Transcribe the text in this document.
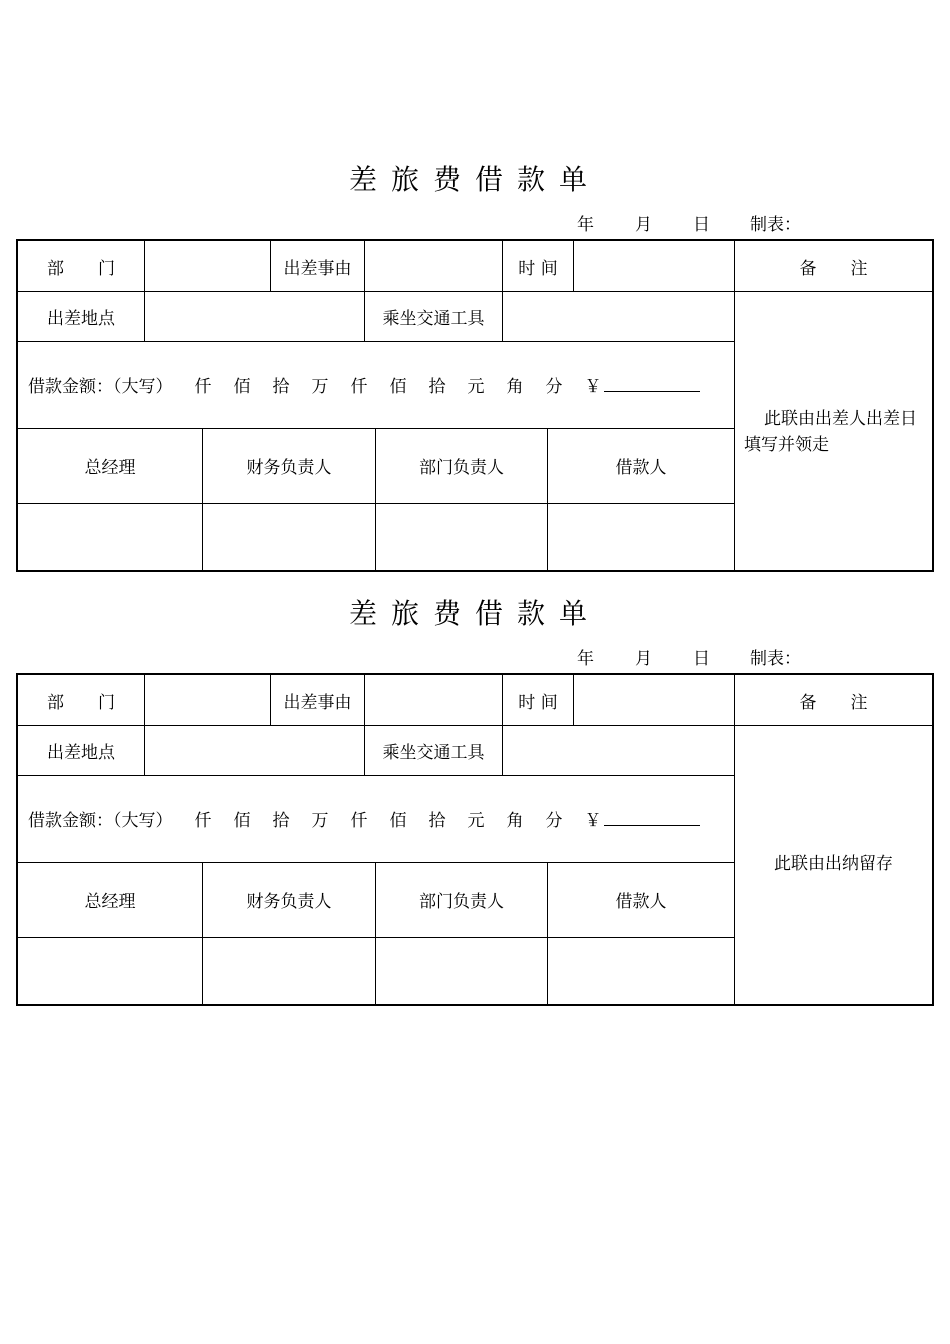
差旅费借款单
年 月 日 制表：
部　　门	出差事由	时 间	备　　注
出差地点	乘坐交通工具
借款金额：（大写） 仟 佰 拾 万 仟 佰 拾 元 角 分 ￥
总经理	财务负责人	部门负责人	借款人
此联由出差人出差日填写并领走
差旅费借款单
年 月 日 制表：
部　　门	出差事由	时 间	备　　注
出差地点	乘坐交通工具
借款金额：（大写） 仟 佰 拾 万 仟 佰 拾 元 角 分 ￥
总经理	财务负责人	部门负责人	借款人
此联由出纳留存
